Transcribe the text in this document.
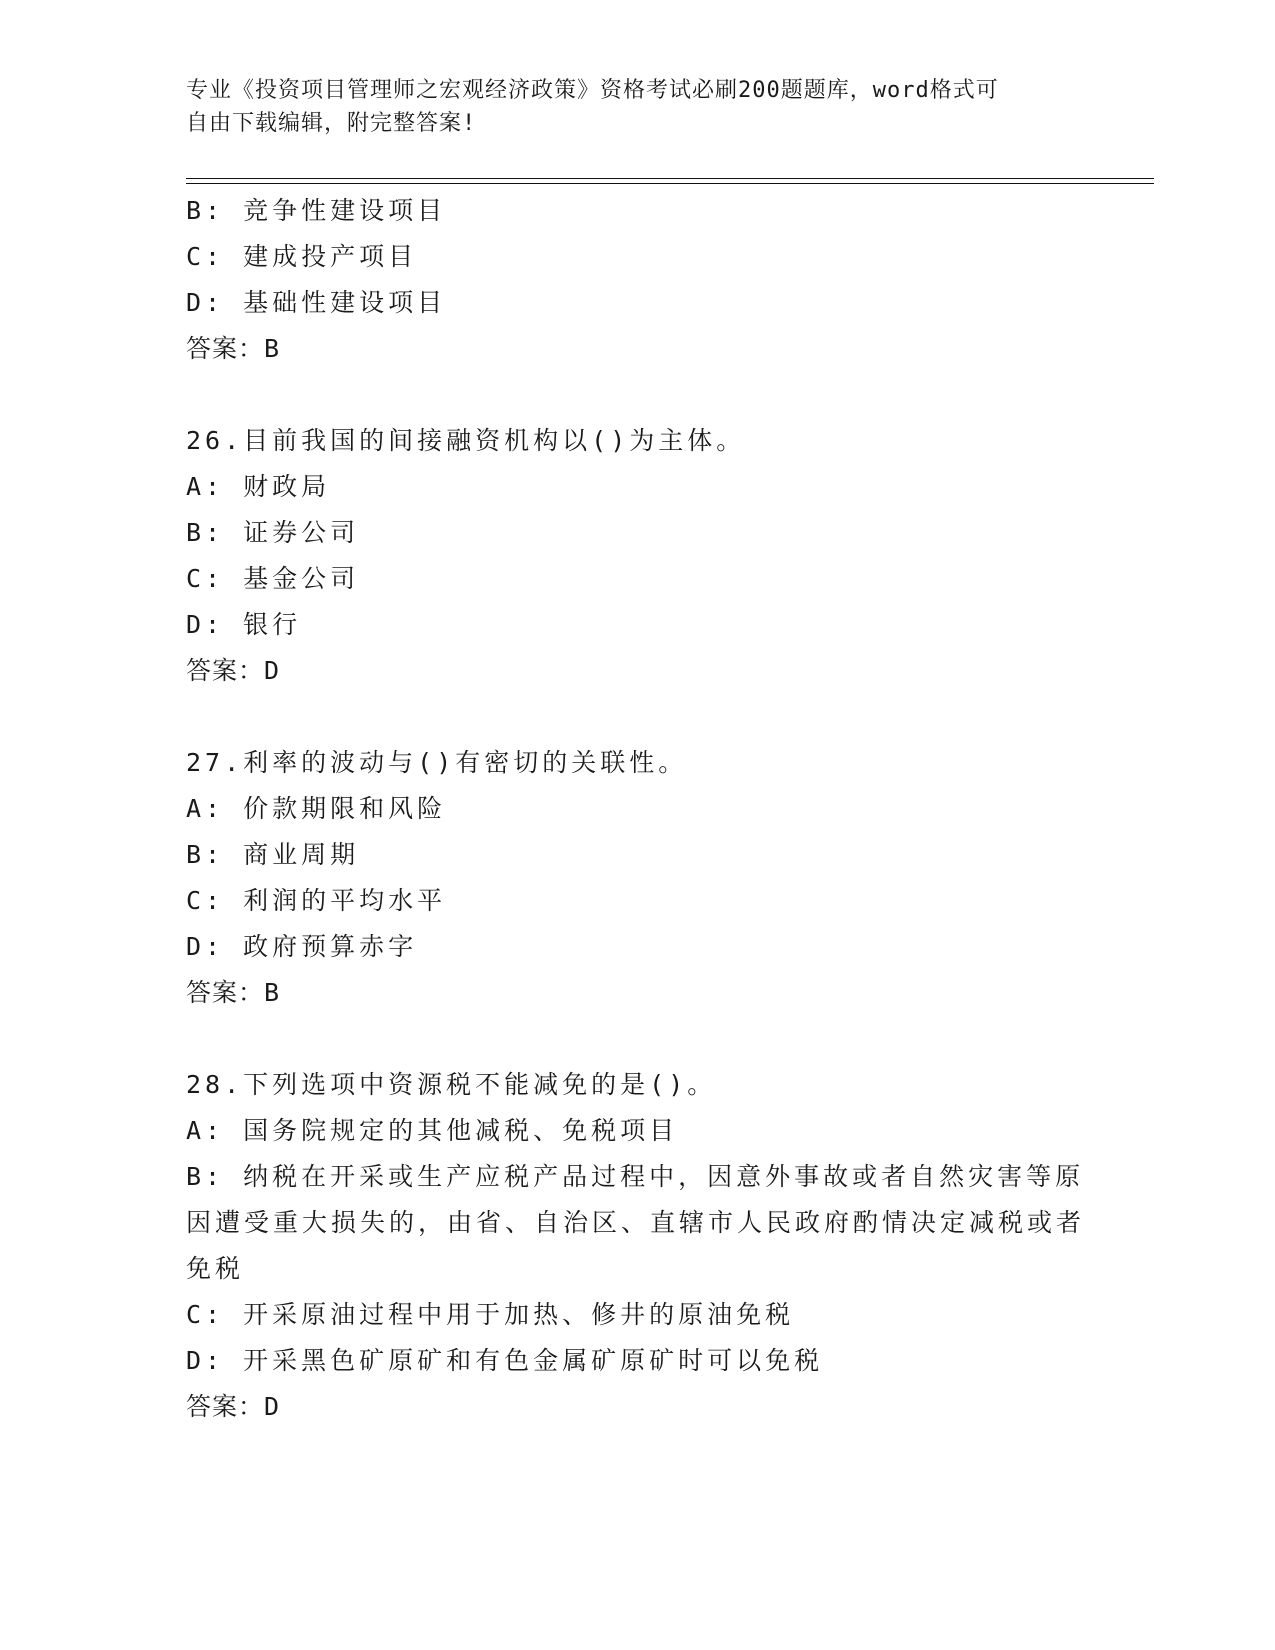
专业《投资项目管理师之宏观经济政策》资格考试必刷200题题库，word格式可
自由下载编辑，附完整答案!
B: 竞争性建设项目
C: 建成投产项目
D: 基础性建设项目
答案：B
26.目前我国的间接融资机构以()为主体。
A: 财政局
B: 证券公司
C: 基金公司
D: 银行
答案：D
27.利率的波动与()有密切的关联性。
A: 价款期限和风险
B: 商业周期
C: 利润的平均水平
D: 政府预算赤字
答案：B
28.下列选项中资源税不能减免的是()。
A: 国务院规定的其他减税、免税项目
B: 纳税在开采或生产应税产品过程中，因意外事故或者自然灾害等原因遭受重大损失的，由省、自治区、直辖市人民政府酌情决定减税或者免税
C: 开采原油过程中用于加热、修井的原油免税
D: 开采黑色矿原矿和有色金属矿原矿时可以免税
答案：D
